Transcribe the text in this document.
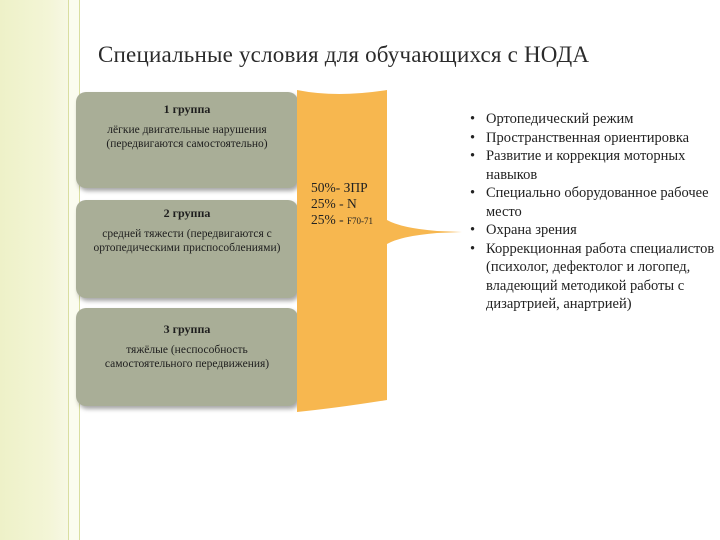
Специальные условия для обучающихся с НОДА
1 группа
лёгкие двигательные нарушения (передвигаются самостоятельно)
2 группа
средней тяжести (передвигаются с ортопедическими приспособлениями)
3 группа
тяжёлые (неспособность самостоятельного передвижения)
50%- ЗПР
25% - N
25% - F70-71
• Ортопедический режим
• Пространственная ориентировка
• Развитие и коррекция моторных навыков
• Специально оборудованное рабочее место
• Охрана зрения
• Коррекционная работа специалистов (психолог, дефектолог и логопед, владеющий методикой работы с дизартрией, анартрией)
